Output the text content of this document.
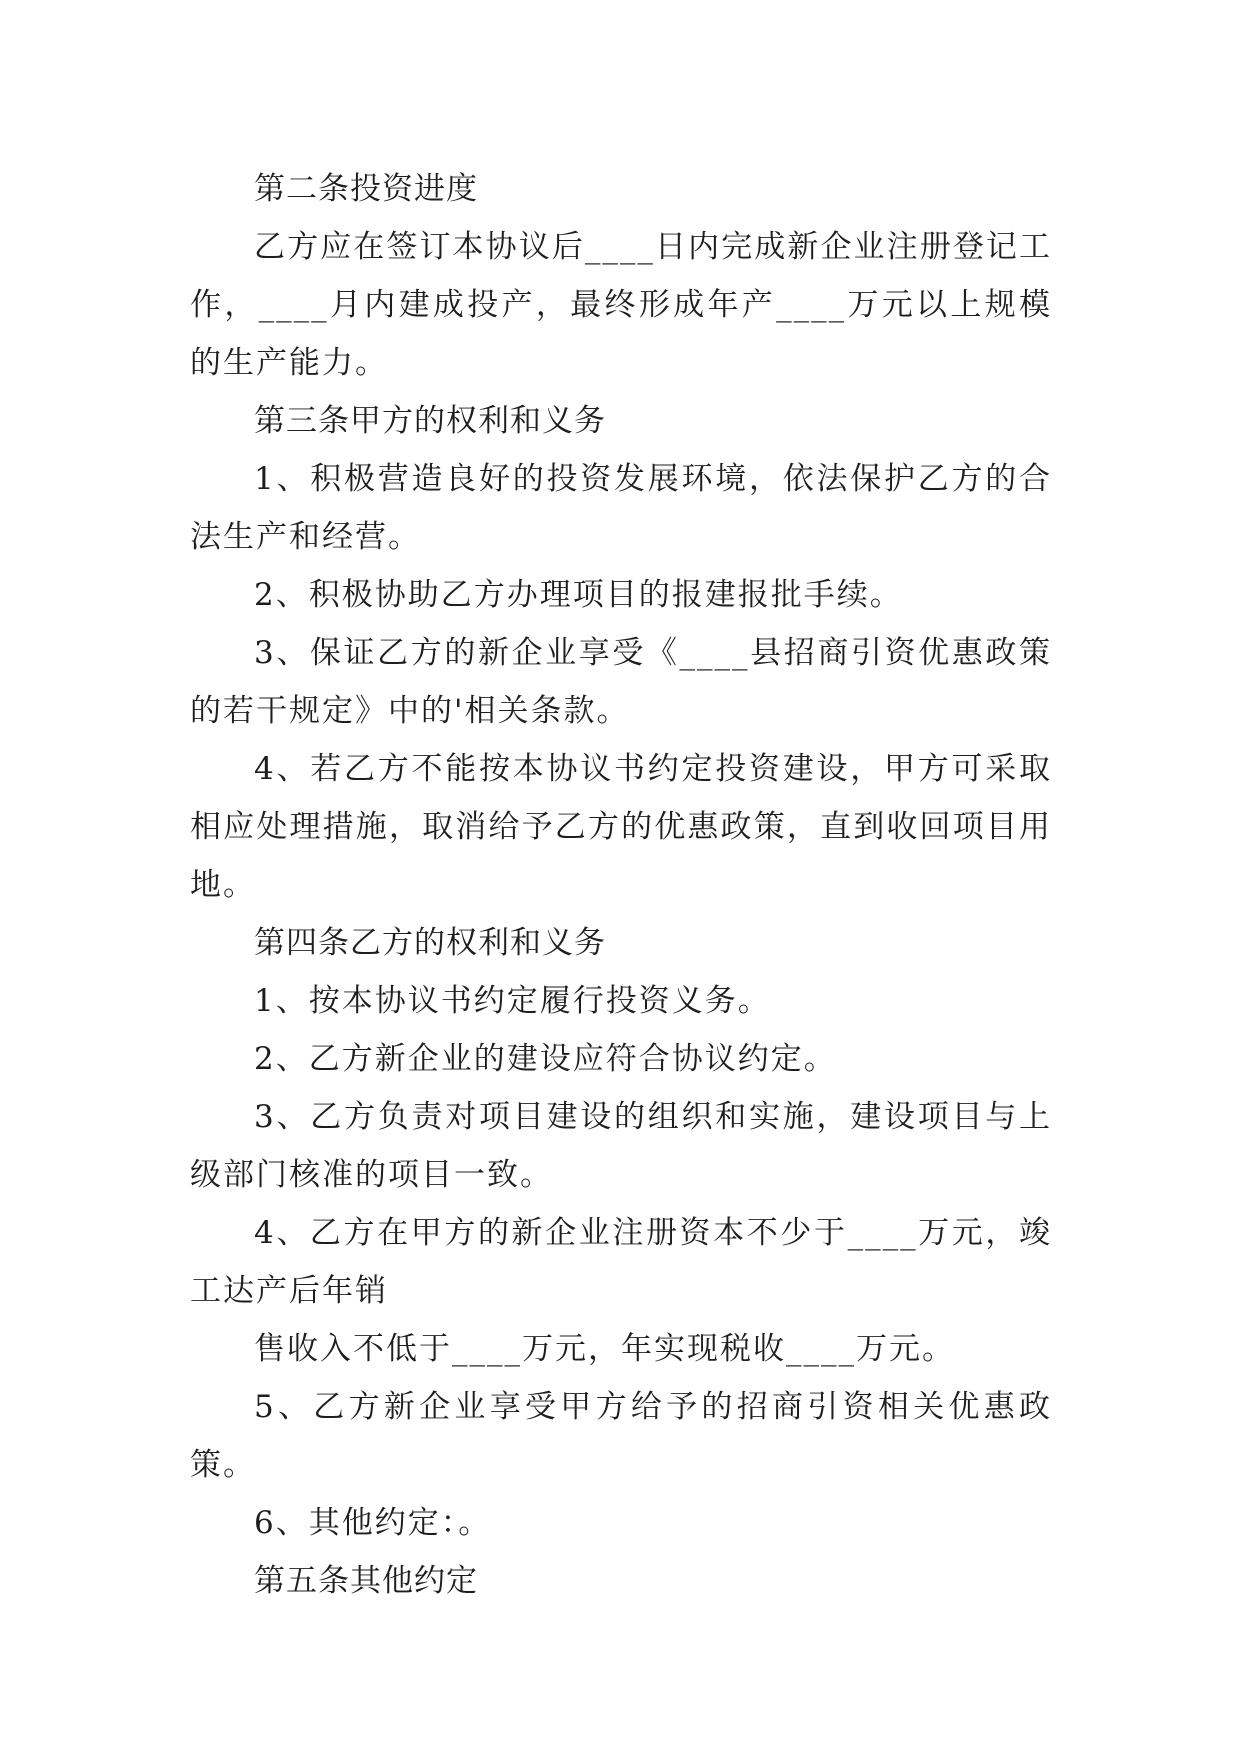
第二条投资进度

乙方应在签订本协议后____日内完成新企业注册登记工作，____月内建成投产，最终形成年产____万元以上规模的生产能力。

第三条甲方的权利和义务

1、积极营造良好的投资发展环境，依法保护乙方的合法生产和经营。

2、积极协助乙方办理项目的报建报批手续。

3、保证乙方的新企业享受《____县招商引资优惠政策的若干规定》中的'相关条款。

4、若乙方不能按本协议书约定投资建设，甲方可采取相应处理措施，取消给予乙方的优惠政策，直到收回项目用地。

第四条乙方的权利和义务

1、按本协议书约定履行投资义务。

2、乙方新企业的建设应符合协议约定。

3、乙方负责对项目建设的组织和实施，建设项目与上级部门核准的项目一致。

4、乙方在甲方的新企业注册资本不少于____万元，竣工达产后年销

售收入不低于____万元，年实现税收____万元。

5、乙方新企业享受甲方给予的招商引资相关优惠政策。

6、其他约定：。

第五条其他约定
